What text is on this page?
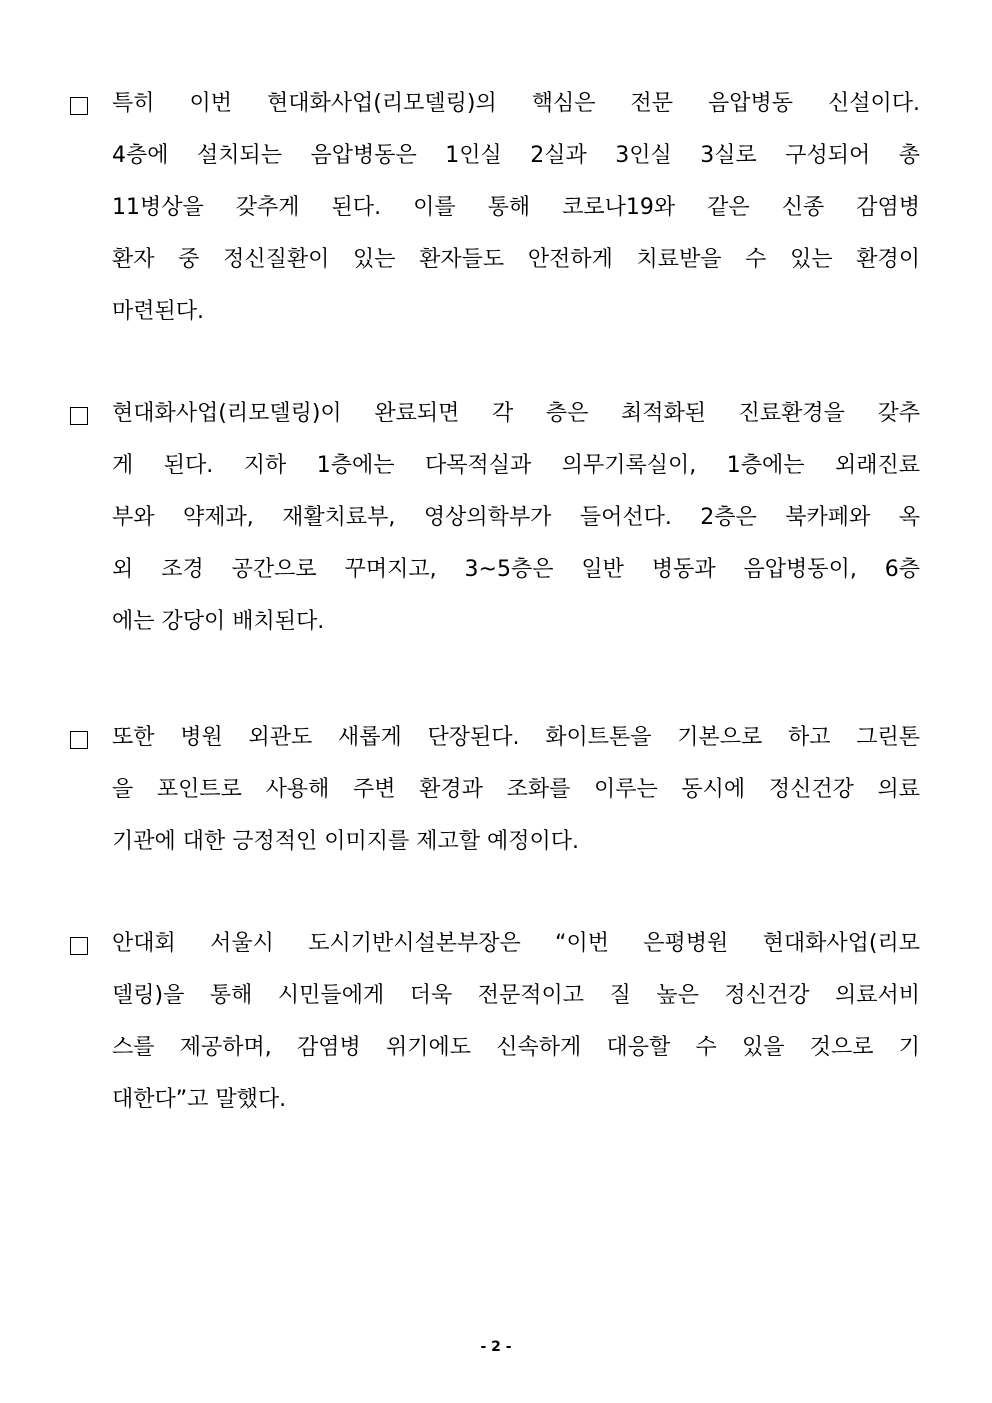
특히 이번 현대화사업(리모델링)의 핵심은 전문 음압병동 신설이다.
4층에 설치되는 음압병동은 1인실 2실과 3인실 3실로 구성되어 총
11병상을 갖추게 된다. 이를 통해 코로나19와 같은 신종 감염병
환자 중 정신질환이 있는 환자들도 안전하게 치료받을 수 있는 환경이
마련된다.
현대화사업(리모델링)이 완료되면 각 층은 최적화된 진료환경을 갖추
게 된다. 지하 1층에는 다목적실과 의무기록실이, 1층에는 외래진료
부와 약제과, 재활치료부, 영상의학부가 들어선다. 2층은 북카페와 옥
외 조경 공간으로 꾸며지고, 3~5층은 일반 병동과 음압병동이, 6층
에는 강당이 배치된다.
또한 병원 외관도 새롭게 단장된다. 화이트톤을 기본으로 하고 그린톤
을 포인트로 사용해 주변 환경과 조화를 이루는 동시에 정신건강 의료
기관에 대한 긍정적인 이미지를 제고할 예정이다.
안대회 서울시 도시기반시설본부장은 “이번 은평병원 현대화사업(리모
델링)을 통해 시민들에게 더욱 전문적이고 질 높은 정신건강 의료서비
스를 제공하며, 감염병 위기에도 신속하게 대응할 수 있을 것으로 기
대한다”고 말했다.
- 2 -
